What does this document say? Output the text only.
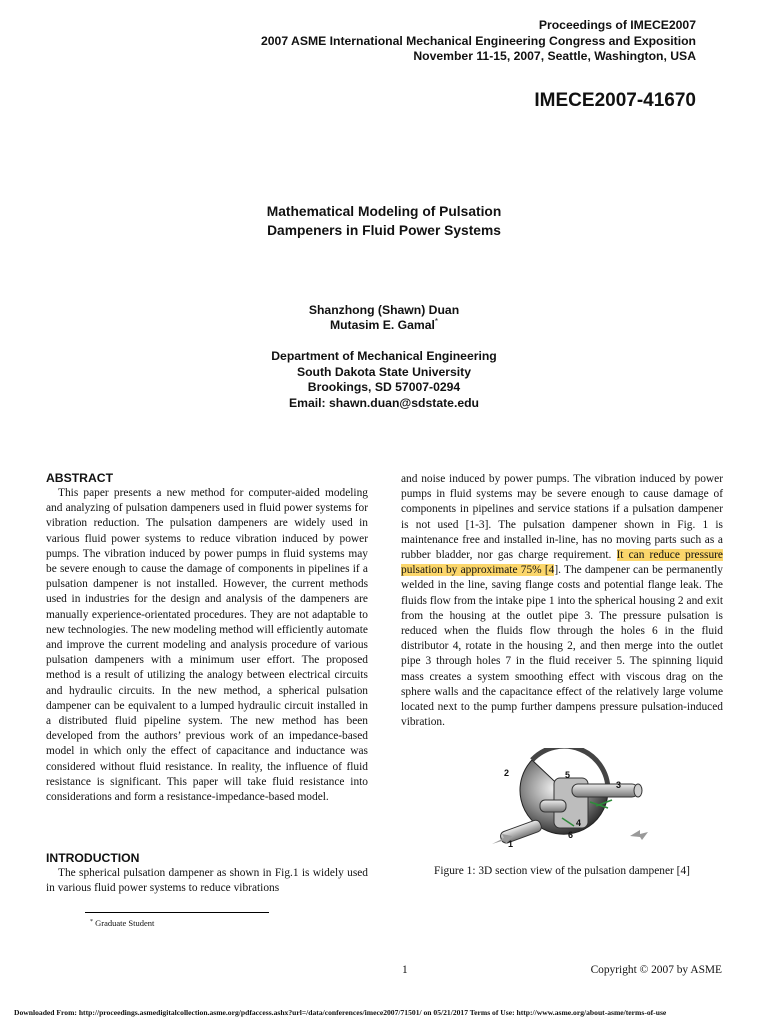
Proceedings of IMECE2007
2007 ASME International Mechanical Engineering Congress and Exposition
November 11-15, 2007, Seattle, Washington, USA
IMECE2007-41670
Mathematical Modeling of Pulsation
Dampeners in Fluid Power Systems
Shanzhong (Shawn) Duan
Mutasim E. Gamal*
Department of Mechanical Engineering
South Dakota State University
Brookings, SD 57007-0294
Email: shawn.duan@sdstate.edu
ABSTRACT

This paper presents a new method for computer-aided modeling and analyzing of pulsation dampeners used in fluid power systems for vibration reduction. The pulsation dampeners are widely used in various fluid power systems to reduce vibration induced by power pumps. The vibration induced by power pumps in fluid systems may be severe enough to cause the damage of components in pipelines if a pulsation dampener is not installed. However, the current methods used in industries for the design and analysis of the dampeners are manually experience-orientated procedures. They are not adaptable to new technologies. The new modeling method will efficiently automate and improve the current modeling and analysis procedure of various pulsation dampeners with a minimum user effort. The proposed method is a result of utilizing the analogy between electrical circuits and hydraulic circuits. In the new method, a spherical pulsation dampener can be equivalent to a lumped hydraulic circuit installed in a distributed fluid pipeline system. The new method has been developed from the authors’ previous work of an impedance-based model in which only the effect of capacitance and inductance was considered without fluid resistance. In reality, the influence of fluid resistance is significant. This paper will take fluid resistance into considerations and form a resistance-impedance-based model.

INTRODUCTION

The spherical pulsation dampener as shown in Fig.1 is widely used in various fluid power systems to reduce vibrations

and noise induced by power pumps. The vibration induced by power pumps in fluid systems may be severe enough to cause damage of components in pipelines and service stations if a pulsation dampener is not used [1-3]. The pulsation dampener shown in Fig. 1 is maintenance free and installed in-line, has no moving parts such as a rubber bladder, nor gas charge requirement. It can reduce pressure pulsation by approximate 75% [4]. The dampener can be permanently welded in the line, saving flange costs and potential flange leak. The fluids flow from the intake pipe 1 into the spherical housing 2 and exit from the housing at the outlet pipe 3. The pressure pulsation is reduced when the fluids flow through the holes 6 in the fluid distributor 4, rotate in the housing 2, and then merge into the outlet pipe 3 through holes 7 in the fluid receiver 5. The spinning liquid mass creates a system smoothing effect with viscous drag on the sphere walls and the capacitance effect of the relatively large volume located next to the pump further dampens pressure pulsation-induced vibration.
2	5
3
4
6
1
Figure 1: 3D section view of the pulsation dampener [4]
* Graduate Student
1	Copyright © 2007 by ASME
Downloaded From: http://proceedings.asmedigitalcollection.asme.org/pdfaccess.ashx?url=/data/conferences/imece2007/71501/ on 05/21/2017 Terms of Use: http://www.asme.org/about-asme/terms-of-use
